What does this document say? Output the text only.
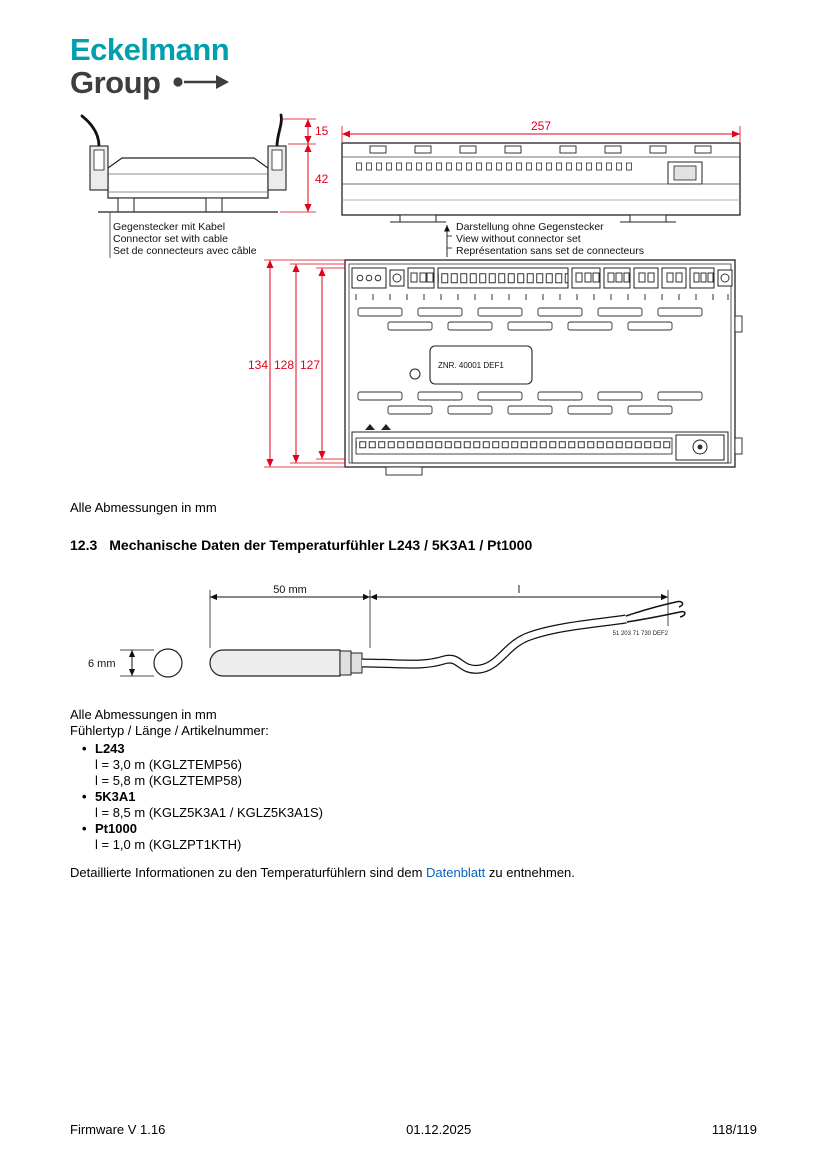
Eckelmann
Group
15
42
257
ZNR. 40001 DEF1
134 128 127
Gegenstecker mit Kabel
Connector set with cable
Set de connecteurs avec câble
Darstellung ohne Gegenstecker
View without connector set
Représentation sans set de connecteurs
Alle Abmessungen in mm
12.3 Mechanische Daten der Temperaturfühler L243 / 5K3A1 / Pt1000
50 mm	l
6 mm
51 203 71 730 DEF2
Alle Abmessungen in mm
Fühlertyp / Länge / Artikelnummer:
• L243
l = 3,0 m (KGLZTEMP56)
l = 5,8 m (KGLZTEMP58)
• 5K3A1
l = 8,5 m (KGLZ5K3A1 / KGLZ5K3A1S)
• Pt1000
l = 1,0 m (KGLZPT1KTH)
Detaillierte Informationen zu den Temperaturfühlern sind dem Datenblatt zu entnehmen.
Firmware V 1.16	01.12.2025	118/119
